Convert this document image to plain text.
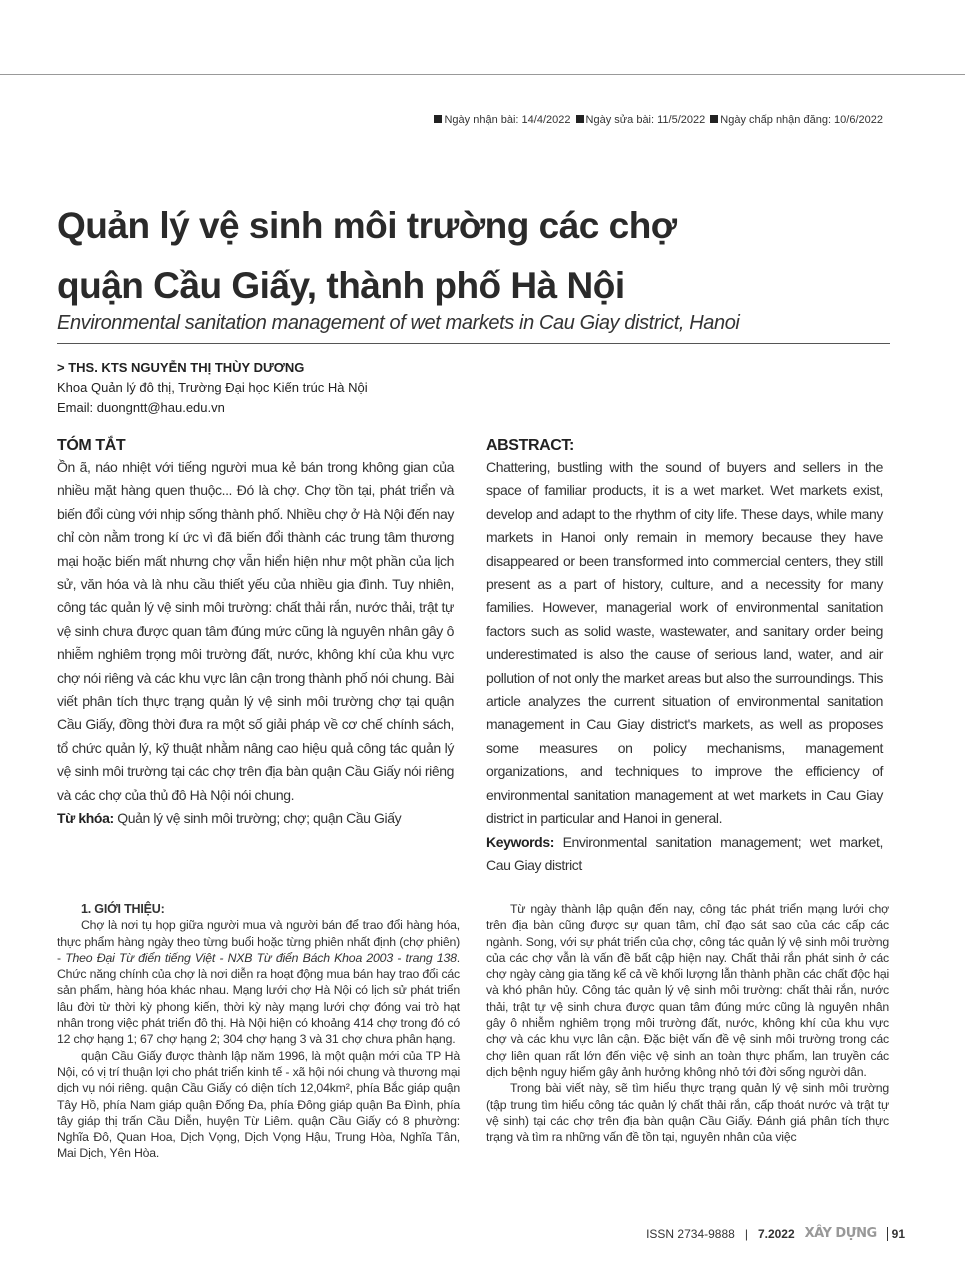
Ngày nhận bài: 14/4/2022 Ngày sửa bài: 11/5/2022 Ngày chấp nhận đăng: 10/6/2022
Quản lý vệ sinh môi trường các chợ
quận Cầu Giấy, thành phố Hà Nội
Environmental sanitation management of wet markets in Cau Giay district, Hanoi
> THS. KTS NGUYỄN THỊ THÙY DƯƠNG
Khoa Quản lý đô thị, Trường Đại học Kiến trúc Hà Nội
Email: duongntt@hau.edu.vn
TÓM TẮT

Ồn ã, náo nhiệt với tiếng người mua kẻ bán trong không gian của nhiều mặt hàng quen thuộc... Đó là chợ. Chợ tồn tại, phát triển và biến đổi cùng với nhịp sống thành phố. Nhiều chợ ở Hà Nội đến nay chỉ còn nằm trong kí ức vì đã biến đổi thành các trung tâm thương mại hoặc biến mất nhưng chợ vẫn hiển hiện như một phần của lịch sử, văn hóa và là nhu cầu thiết yếu của nhiều gia đình. Tuy nhiên, công tác quản lý vệ sinh môi trường: chất thải rắn, nước thải, trật tự vệ sinh chưa được quan tâm đúng mức cũng là nguyên nhân gây ô nhiễm nghiêm trọng môi trường đất, nước, không khí của khu vực chợ nói riêng và các khu vực lân cận trong thành phố nói chung. Bài viết phân tích thực trạng quản lý vệ sinh môi trường chợ tại quận Cầu Giấy, đồng thời đưa ra một số giải pháp về cơ chế chính sách, tổ chức quản lý, kỹ thuật nhằm nâng cao hiệu quả công tác quản lý vệ sinh môi trường tại các chợ trên địa bàn quận Cầu Giấy nói riêng và các chợ của thủ đô Hà Nội nói chung.

Từ khóa: Quản lý vệ sinh môi trường; chợ; quận Cầu Giấy

ABSTRACT:

Chattering, bustling with the sound of buyers and sellers in the space of familiar products, it is a wet market. Wet markets exist, develop and adapt to the rhythm of city life. These days, while many markets in Hanoi only remain in memory because they have disappeared or been transformed into commercial centers, they still present as a part of history, culture, and a necessity for many families. However, managerial work of environmental sanitation factors such as solid waste, wastewater, and sanitary order being underestimated is also the cause of serious land, water, and air pollution of not only the market areas but also the surroundings. This article analyzes the current situation of environmental sanitation management in Cau Giay district's markets, as well as proposes some measures on policy mechanisms, management organizations, and techniques to improve the efficiency of environmental sanitation management at wet markets in Cau Giay district in particular and Hanoi in general.

Keywords: Environmental sanitation management; wet market, Cau Giay district

1. GIỚI THIỆU:

Chợ là nơi tụ họp giữa người mua và người bán để trao đổi hàng hóa, thực phẩm hàng ngày theo từng buổi hoặc từng phiên nhất định (chợ phiên) - Theo Đại Từ điển tiếng Việt - NXB Từ điển Bách Khoa 2003 - trang 138. Chức năng chính của chợ là nơi diễn ra hoạt động mua bán hay trao đổi các sản phẩm, hàng hóa khác nhau. Mạng lưới chợ Hà Nội có lịch sử phát triển lâu đời từ thời kỳ phong kiến, thời kỳ này mạng lưới chợ đóng vai trò hạt nhân trong việc phát triển đô thị. Hà Nội hiện có khoảng 414 chợ trong đó có 12 chợ hạng 1; 67 chợ hạng 2; 304 chợ hạng 3 và 31 chợ chưa phân hạng.

quận Cầu Giấy được thành lập năm 1996, là một quận mới của TP Hà Nội, có vị trí thuận lợi cho phát triển kinh tế - xã hội nói chung và thương mại dịch vụ nói riêng. quận Cầu Giấy có diện tích 12,04km², phía Bắc giáp quận Tây Hồ, phía Nam giáp quận Đống Đa, phía Đông giáp quận Ba Đình, phía tây giáp thị trấn Cầu Diễn, huyện Từ Liêm. quận Cầu Giấy có 8 phường: Nghĩa Đô, Quan Hoa, Dịch Vọng, Dịch Vọng Hậu, Trung Hòa, Nghĩa Tân, Mai Dịch, Yên Hòa.

Từ ngày thành lập quận đến nay, công tác phát triển mạng lưới chợ trên địa bàn cũng được sự quan tâm, chỉ đạo sát sao của các cấp các ngành. Song, với sự phát triển của chợ, công tác quản lý vệ sinh môi trường của các chợ vẫn là vấn đề bất cập hiện nay. Chất thải rắn phát sinh ở các chợ ngày càng gia tăng kể cả về khối lượng lẫn thành phần các chất độc hại và khó phân hủy. Công tác quản lý vệ sinh môi trường: chất thải rắn, nước thải, trật tự vệ sinh chưa được quan tâm đúng mức cũng là nguyên nhân gây ô nhiễm nghiêm trọng môi trường đất, nước, không khí của khu vực chợ và các khu vực lân cận. Đặc biệt vấn đề vệ sinh môi trường trong các chợ liên quan rất lớn đến việc vệ sinh an toàn thực phẩm, lan truyền các dịch bệnh nguy hiểm gây ảnh hưởng không nhỏ tới đời sống người dân.

Trong bài viết này, sẽ tìm hiểu thực trạng quản lý vệ sinh môi trường (tập trung tìm hiểu công tác quản lý chất thải rắn, cấp thoát nước và trật tự vệ sinh) tại các chợ trên địa bàn quận Cầu Giấy. Đánh giá phân tích thực trạng và tìm ra những vấn đề tồn tại, nguyên nhân của việc

ISSN 2734-9888 | 7.2022 XÂY DỰNG	91
